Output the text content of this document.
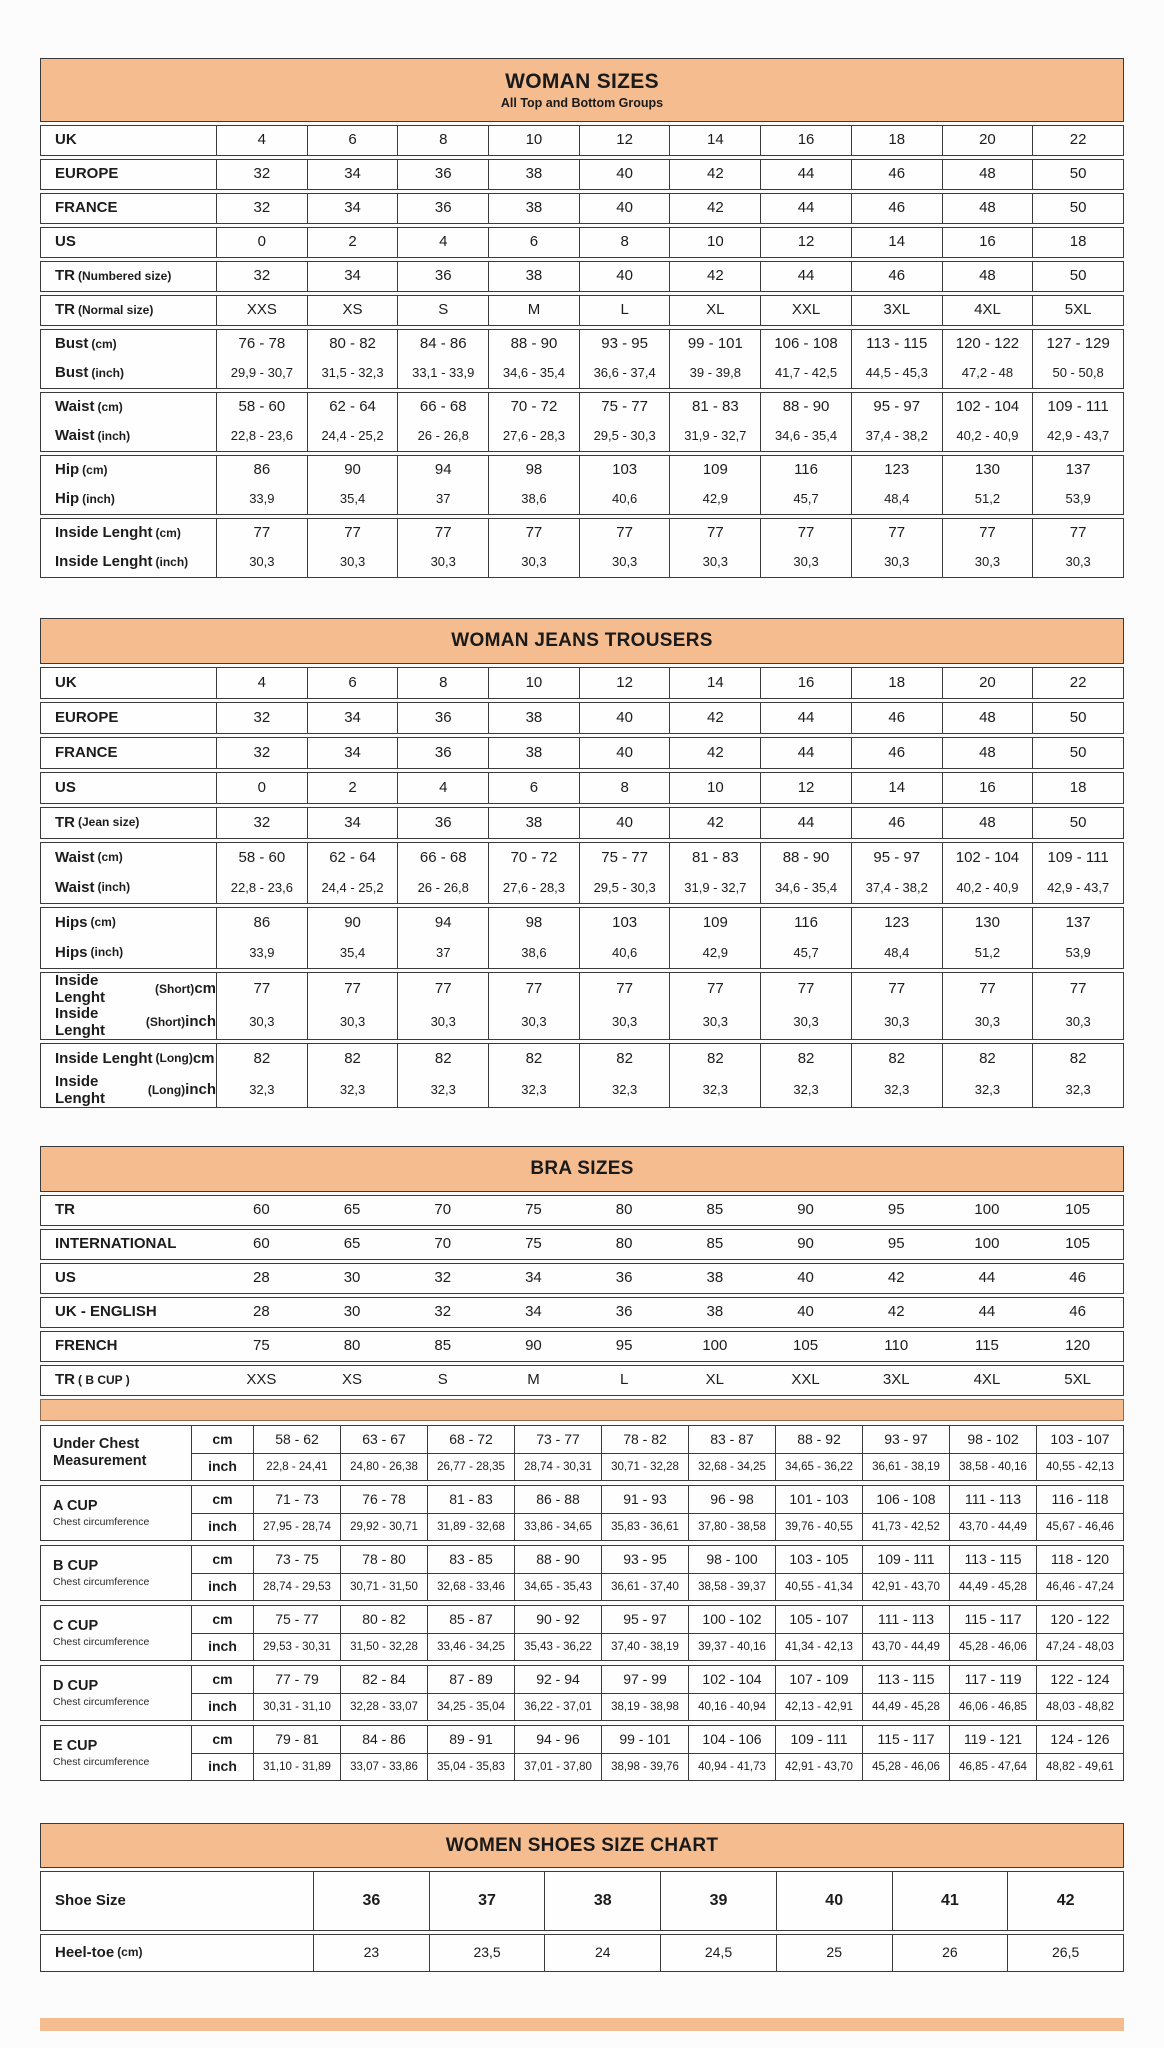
WOMAN SIZES
All Top and Bottom Groups
UK	4	6	8	10	12	14	16	18	20	22
EUROPE	32	34	36	38	40	42	44	46	48	50
FRANCE	32	34	36	38	40	42	44	46	48	50
US	0	2	4	6	8	10	12	14	16	18
TR (Numbered size)	32	34	36	38	40	42	44	46	48	50
TR (Normal size)	XXS	XS	S	M	L	XL	XXL	3XL	4XL	5XL
Bust (cm)	76 - 78	80 - 82	84 - 86	88 - 90	93 - 95	99 - 101	106 - 108	113 - 115	120 - 122	127 - 129
Bust (inch)	29,9 - 30,7	31,5 - 32,3	33,1 - 33,9	34,6 - 35,4	36,6 - 37,4	39 - 39,8	41,7 - 42,5	44,5 - 45,3	47,2 - 48	50 - 50,8
Waist (cm)	58 - 60	62 - 64	66 - 68	70 - 72	75 - 77	81 - 83	88 - 90	95 - 97	102 - 104	109 - 111
Waist (inch)	22,8 - 23,6	24,4 - 25,2	26 - 26,8	27,6 - 28,3	29,5 - 30,3	31,9 - 32,7	34,6 - 35,4	37,4 - 38,2	40,2 - 40,9	42,9 - 43,7
Hip (cm)	86	90	94	98	103	109	116	123	130	137
Hip (inch)	33,9	35,4	37	38,6	40,6	42,9	45,7	48,4	51,2	53,9
Inside Lenght (cm)	77	77	77	77	77	77	77	77	77	77
Inside Lenght (inch)	30,3	30,3	30,3	30,3	30,3	30,3	30,3	30,3	30,3	30,3
WOMAN JEANS TROUSERS
UK	4	6	8	10	12	14	16	18	20	22
EUROPE	32	34	36	38	40	42	44	46	48	50
FRANCE	32	34	36	38	40	42	44	46	48	50
US	0	2	4	6	8	10	12	14	16	18
TR (Jean size)	32	34	36	38	40	42	44	46	48	50
Waist (cm)	58 - 60	62 - 64	66 - 68	70 - 72	75 - 77	81 - 83	88 - 90	95 - 97	102 - 104	109 - 111
Waist (inch)	22,8 - 23,6	24,4 - 25,2	26 - 26,8	27,6 - 28,3	29,5 - 30,3	31,9 - 32,7	34,6 - 35,4	37,4 - 38,2	40,2 - 40,9	42,9 - 43,7
Hips (cm)	86	90	94	98	103	109	116	123	130	137
Hips (inch)	33,9	35,4	37	38,6	40,6	42,9	45,7	48,4	51,2	53,9
Inside Lenght	(Short) cm	77	77	77	77	77	77	77	77	77	77
Inside Lenght	(Short) inch	30,3	30,3	30,3	30,3	30,3	30,3	30,3	30,3	30,3	30,3
Inside Lenght (Long) cm	82	82	82	82	82	82	82	82	82	82
Inside Lenght	(Long) inch	32,3	32,3	32,3	32,3	32,3	32,3	32,3	32,3	32,3	32,3
BRA SIZES
TR	60	65	70	75	80	85	90	95	100	105
INTERNATIONAL	60	65	70	75	80	85	90	95	100	105
US	28	30	32	34	36	38	40	42	44	46
UK - ENGLISH	28	30	32	34	36	38	40	42	44	46
FRENCH	75	80	85	90	95	100	105	110	115	120
TR ( B CUP )	XXS	XS	S	M	L	XL	XXL	3XL	4XL	5XL
Under Chest Measurement
cm	58 - 62	63 - 67	68 - 72	73 - 77	78 - 82	83 - 87	88 - 92	93 - 97	98 - 102	103 - 107
inch	22,8 - 24,41	24,80 - 26,38	26,77 - 28,35	28,74 - 30,31	30,71 - 32,28	32,68 - 34,25	34,65 - 36,22	36,61 - 38,19	38,58 - 40,16	40,55 - 42,13
A CUP
Chest circumference
cm	71 - 73	76 - 78	81 - 83	86 - 88	91 - 93	96 - 98	101 - 103	106 - 108	111 - 113	116 - 118
inch	27,95 - 28,74	29,92 - 30,71	31,89 - 32,68	33,86 - 34,65	35,83 - 36,61	37,80 - 38,58	39,76 - 40,55	41,73 - 42,52	43,70 - 44,49	45,67 - 46,46
B CUP
Chest circumference
cm	73 - 75	78 - 80	83 - 85	88 - 90	93 - 95	98 - 100	103 - 105	109 - 111	113 - 115	118 - 120
inch	28,74 - 29,53	30,71 - 31,50	32,68 - 33,46	34,65 - 35,43	36,61 - 37,40	38,58 - 39,37	40,55 - 41,34	42,91 - 43,70	44,49 - 45,28	46,46 - 47,24
C CUP
Chest circumference
cm	75 - 77	80 - 82	85 - 87	90 - 92	95 - 97	100 - 102	105 - 107	111 - 113	115 - 117	120 - 122
inch	29,53 - 30,31	31,50 - 32,28	33,46 - 34,25	35,43 - 36,22	37,40 - 38,19	39,37 - 40,16	41,34 - 42,13	43,70 - 44,49	45,28 - 46,06	47,24 - 48,03
D CUP
Chest circumference
cm	77 - 79	82 - 84	87 - 89	92 - 94	97 - 99	102 - 104	107 - 109	113 - 115	117 - 119	122 - 124
inch	30,31 - 31,10	32,28 - 33,07	34,25 - 35,04	36,22 - 37,01	38,19 - 38,98	40,16 - 40,94	42,13 - 42,91	44,49 - 45,28	46,06 - 46,85	48,03 - 48,82
E CUP
Chest circumference
cm	79 - 81	84 - 86	89 - 91	94 - 96	99 - 101	104 - 106	109 - 111	115 - 117	119 - 121	124 - 126
inch	31,10 - 31,89	33,07 - 33,86	35,04 - 35,83	37,01 - 37,80	38,98 - 39,76	40,94 - 41,73	42,91 - 43,70	45,28 - 46,06	46,85 - 47,64	48,82 - 49,61
WOMEN SHOES SIZE CHART
Shoe Size	36	37	38	39	40	41	42
Heel-toe (cm)	23	23,5	24	24,5	25	26	26,5
